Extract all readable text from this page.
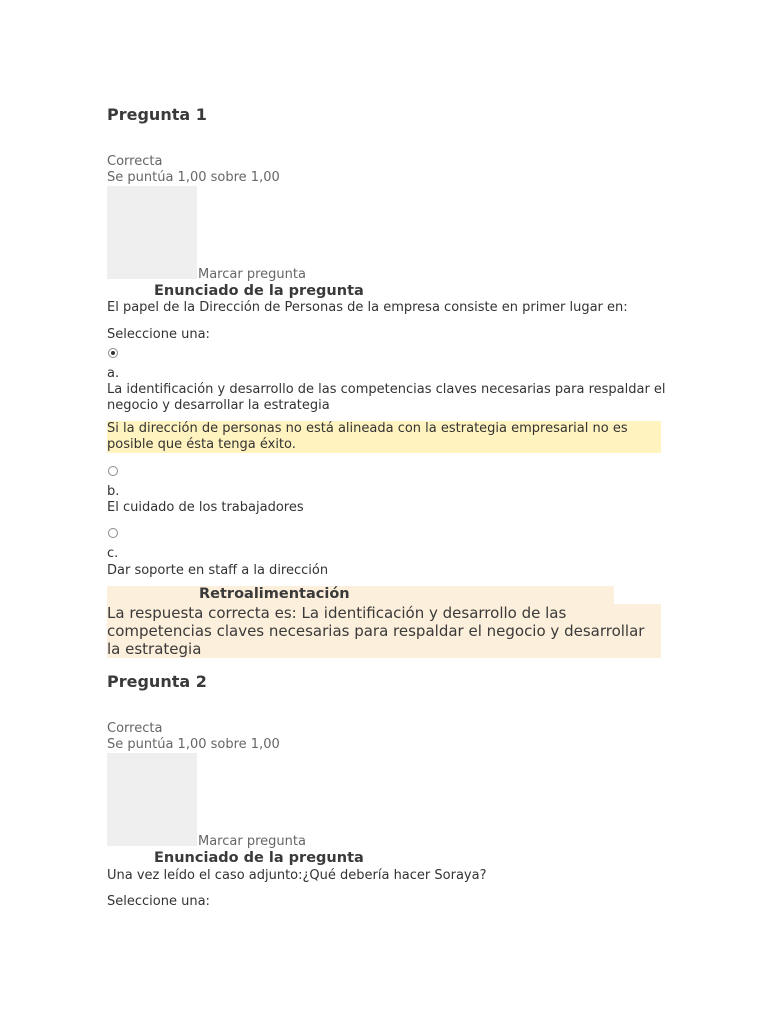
Pregunta 1
Correcta
Se puntúa 1,00 sobre 1,00
Marcar pregunta
Enunciado de la pregunta
El papel de la Dirección de Personas de la empresa consiste en primer lugar en:
Seleccione una:
a.
La identificación y desarrollo de las competencias claves necesarias para respaldar el negocio y desarrollar la estrategia
Si la dirección de personas no está alineada con la estrategia empresarial no es posible que ésta tenga éxito.
b.
El cuidado de los trabajadores
c.
Dar soporte en staff a la dirección
Retroalimentación
La respuesta correcta es: La identificación y desarrollo de las competencias claves necesarias para respaldar el negocio y desarrollar la estrategia
Pregunta 2
Correcta
Se puntúa 1,00 sobre 1,00
Marcar pregunta
Enunciado de la pregunta
Una vez leído el caso adjunto:¿Qué debería hacer Soraya?
Seleccione una:
